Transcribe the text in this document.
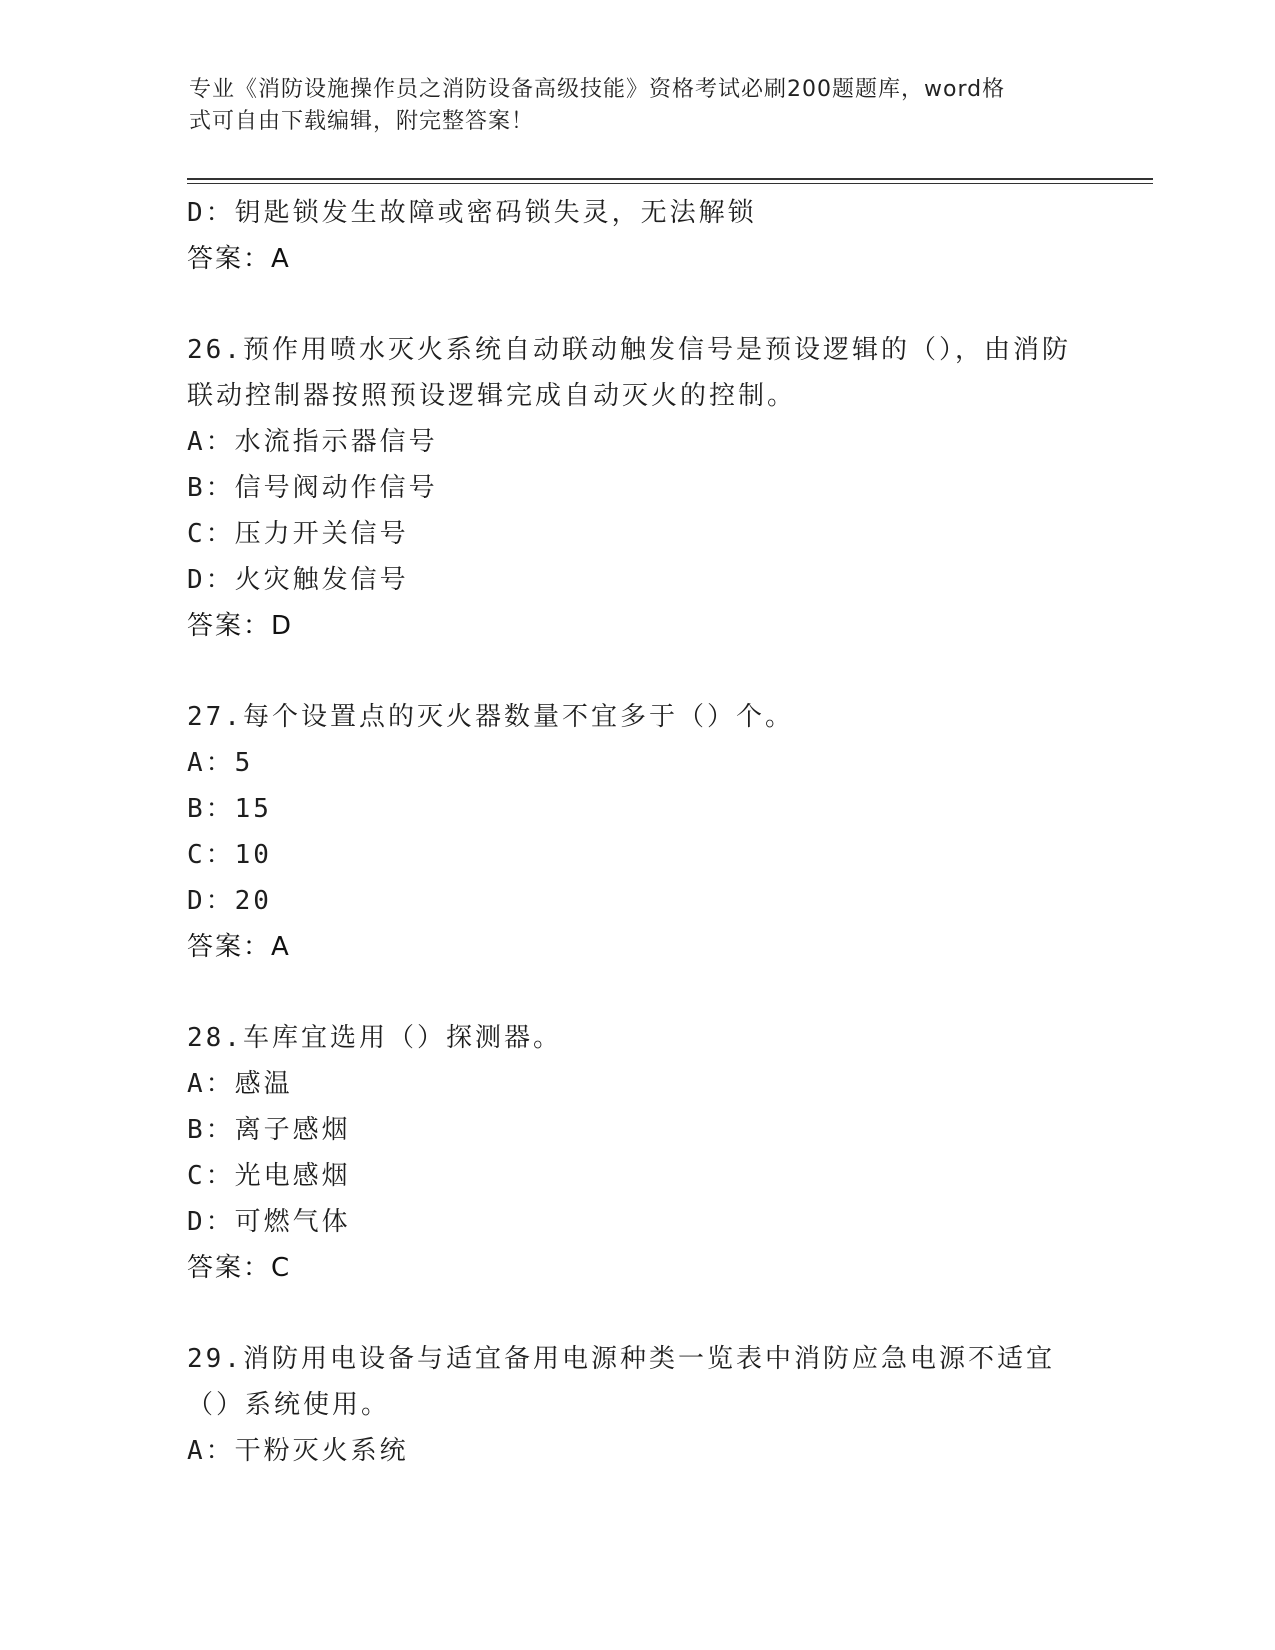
专业《消防设施操作员之消防设备高级技能》资格考试必刷200题题库，word格
式可自由下载编辑，附完整答案！
D：钥匙锁发生故障或密码锁失灵，无法解锁
答案：A
26.预作用喷水灭火系统自动联动触发信号是预设逻辑的（），由消防联动控制器按照预设逻辑完成自动灭火的控制。
A：水流指示器信号
B：信号阀动作信号
C：压力开关信号
D：火灾触发信号
答案：D
27.每个设置点的灭火器数量不宜多于（）个。
A：5
B：15
C：10
D：20
答案：A
28.车库宜选用（）探测器。
A：感温
B：离子感烟
C：光电感烟
D：可燃气体
答案：C
29.消防用电设备与适宜备用电源种类一览表中消防应急电源不适宜（）系统使用。
A：干粉灭火系统
